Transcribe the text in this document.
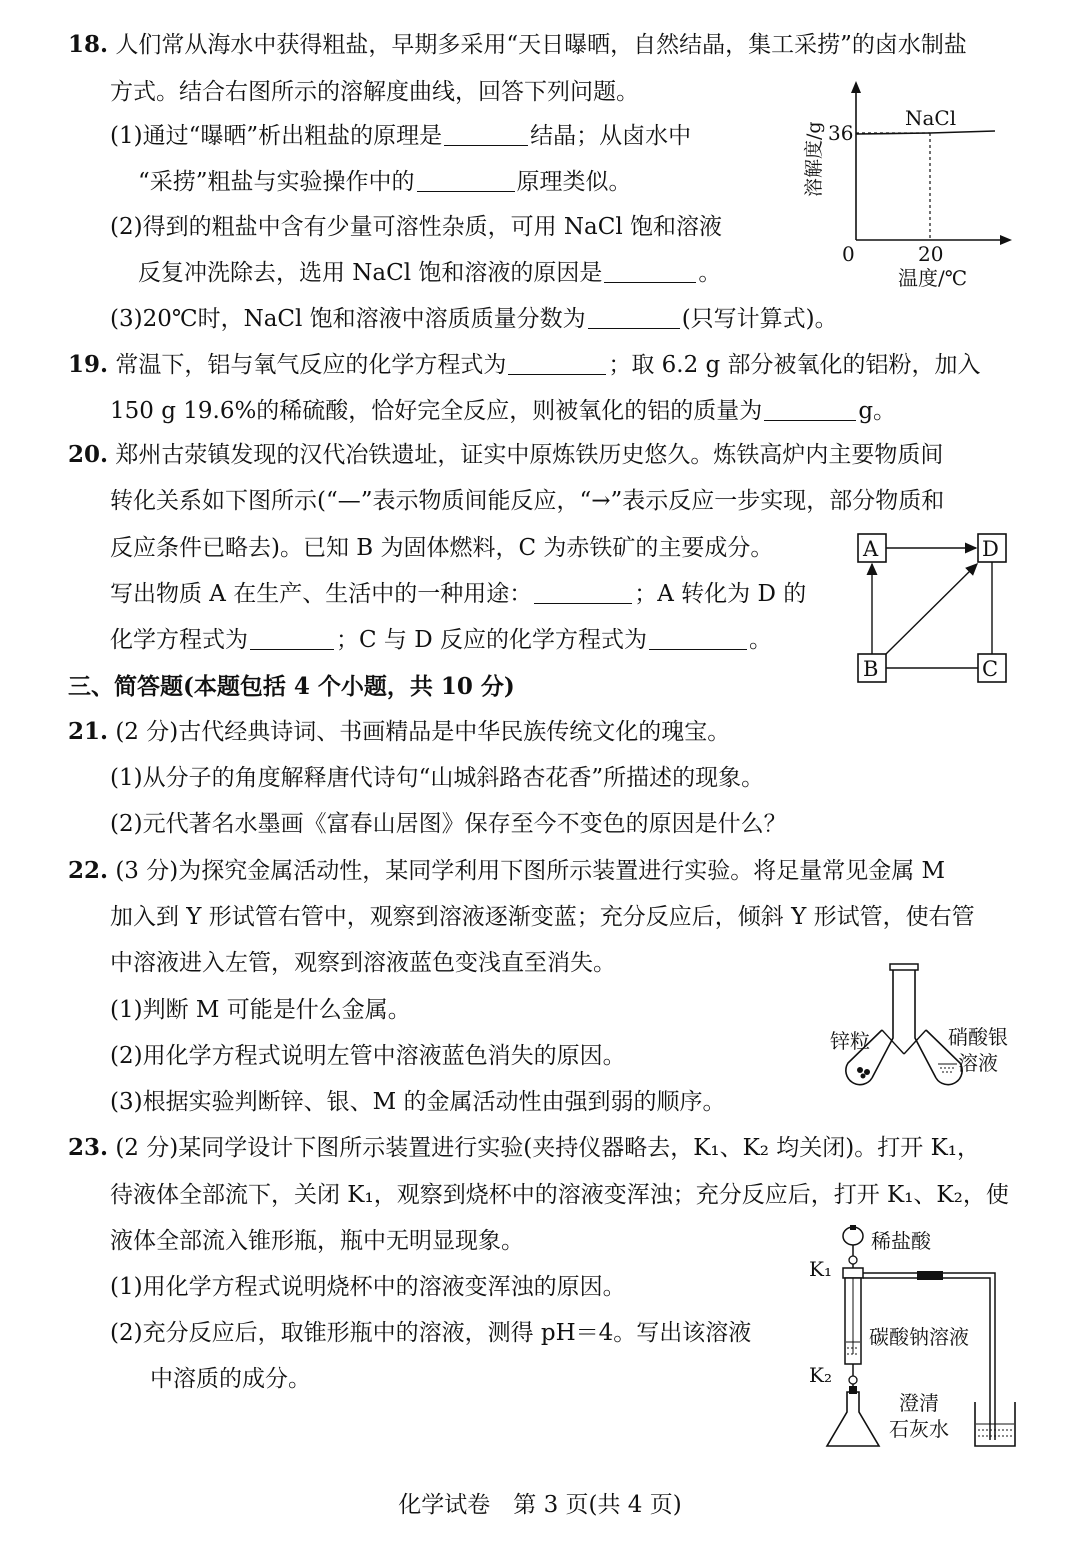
18. 人们常从海水中获得粗盐，早期多采用“天日曝晒，自然结晶，集工采捞”的卤水制盐
方式。结合右图所示的溶解度曲线，回答下列问题。
(1)通过“曝晒”析出粗盐的原理是	结晶；从卤水中
“采捞”粗盐与实验操作中的	原理类似。
(2)得到的粗盐中含有少量可溶性杂质，可用 NaCl 饱和溶液
反复冲洗除去，选用 NaCl 饱和溶液的原因是	。
(3)20℃时，NaCl 饱和溶液中溶质质量分数为	(只写计算式)。
NaCl
36
20
0
溶解度/g
温度/℃
19. 常温下，铝与氧气反应的化学方程式为	；取 6.2 g 部分被氧化的铝粉，加入
150 g 19.6%的稀硫酸，恰好完全反应，则被氧化的铝的质量为	g。
20. 郑州古荥镇发现的汉代冶铁遗址，证实中原炼铁历史悠久。炼铁高炉内主要物质间
转化关系如下图所示(“—”表示物质间能反应，“→”表示反应一步实现，部分物质和
反应条件已略去)。已知 B 为固体燃料，C 为赤铁矿的主要成分。
写出物质 A 在生产、生活中的一种用途：	；A 转化为 D 的
化学方程式为	；C 与 D 反应的化学方程式为	。
A	D
B	C
三、简答题(本题包括 4 个小题，共 10 分)
21. (2 分)古代经典诗词、书画精品是中华民族传统文化的瑰宝。
(1)从分子的角度解释唐代诗句“山城斜路杏花香”所描述的现象。
(2)元代著名水墨画《富春山居图》保存至今不变色的原因是什么？
22. (3 分)为探究金属活动性，某同学利用下图所示装置进行实验。将足量常见金属 M
加入到 Y 形试管右管中，观察到溶液逐渐变蓝；充分反应后，倾斜 Y 形试管，使右管
中溶液进入左管，观察到溶液蓝色变浅直至消失。
(1)判断 M 可能是什么金属。
(2)用化学方程式说明左管中溶液蓝色消失的原因。
(3)根据实验判断锌、银、M 的金属活动性由强到弱的顺序。
锌粒	硝酸银
溶液
23. (2 分)某同学设计下图所示装置进行实验(夹持仪器略去，K₁、K₂ 均关闭)。打开 K₁，
待液体全部流下，关闭 K₁，观察到烧杯中的溶液变浑浊；充分反应后，打开 K₁、K₂，使
液体全部流入锥形瓶，瓶中无明显现象。
(1)用化学方程式说明烧杯中的溶液变浑浊的原因。
(2)充分反应后，取锥形瓶中的溶液，测得 pH＝4。写出该溶液
中溶质的成分。
稀盐酸
K₁
碳酸钠溶液
K₂
澄清
石灰水
化学试卷　第 3 页(共 4 页)
